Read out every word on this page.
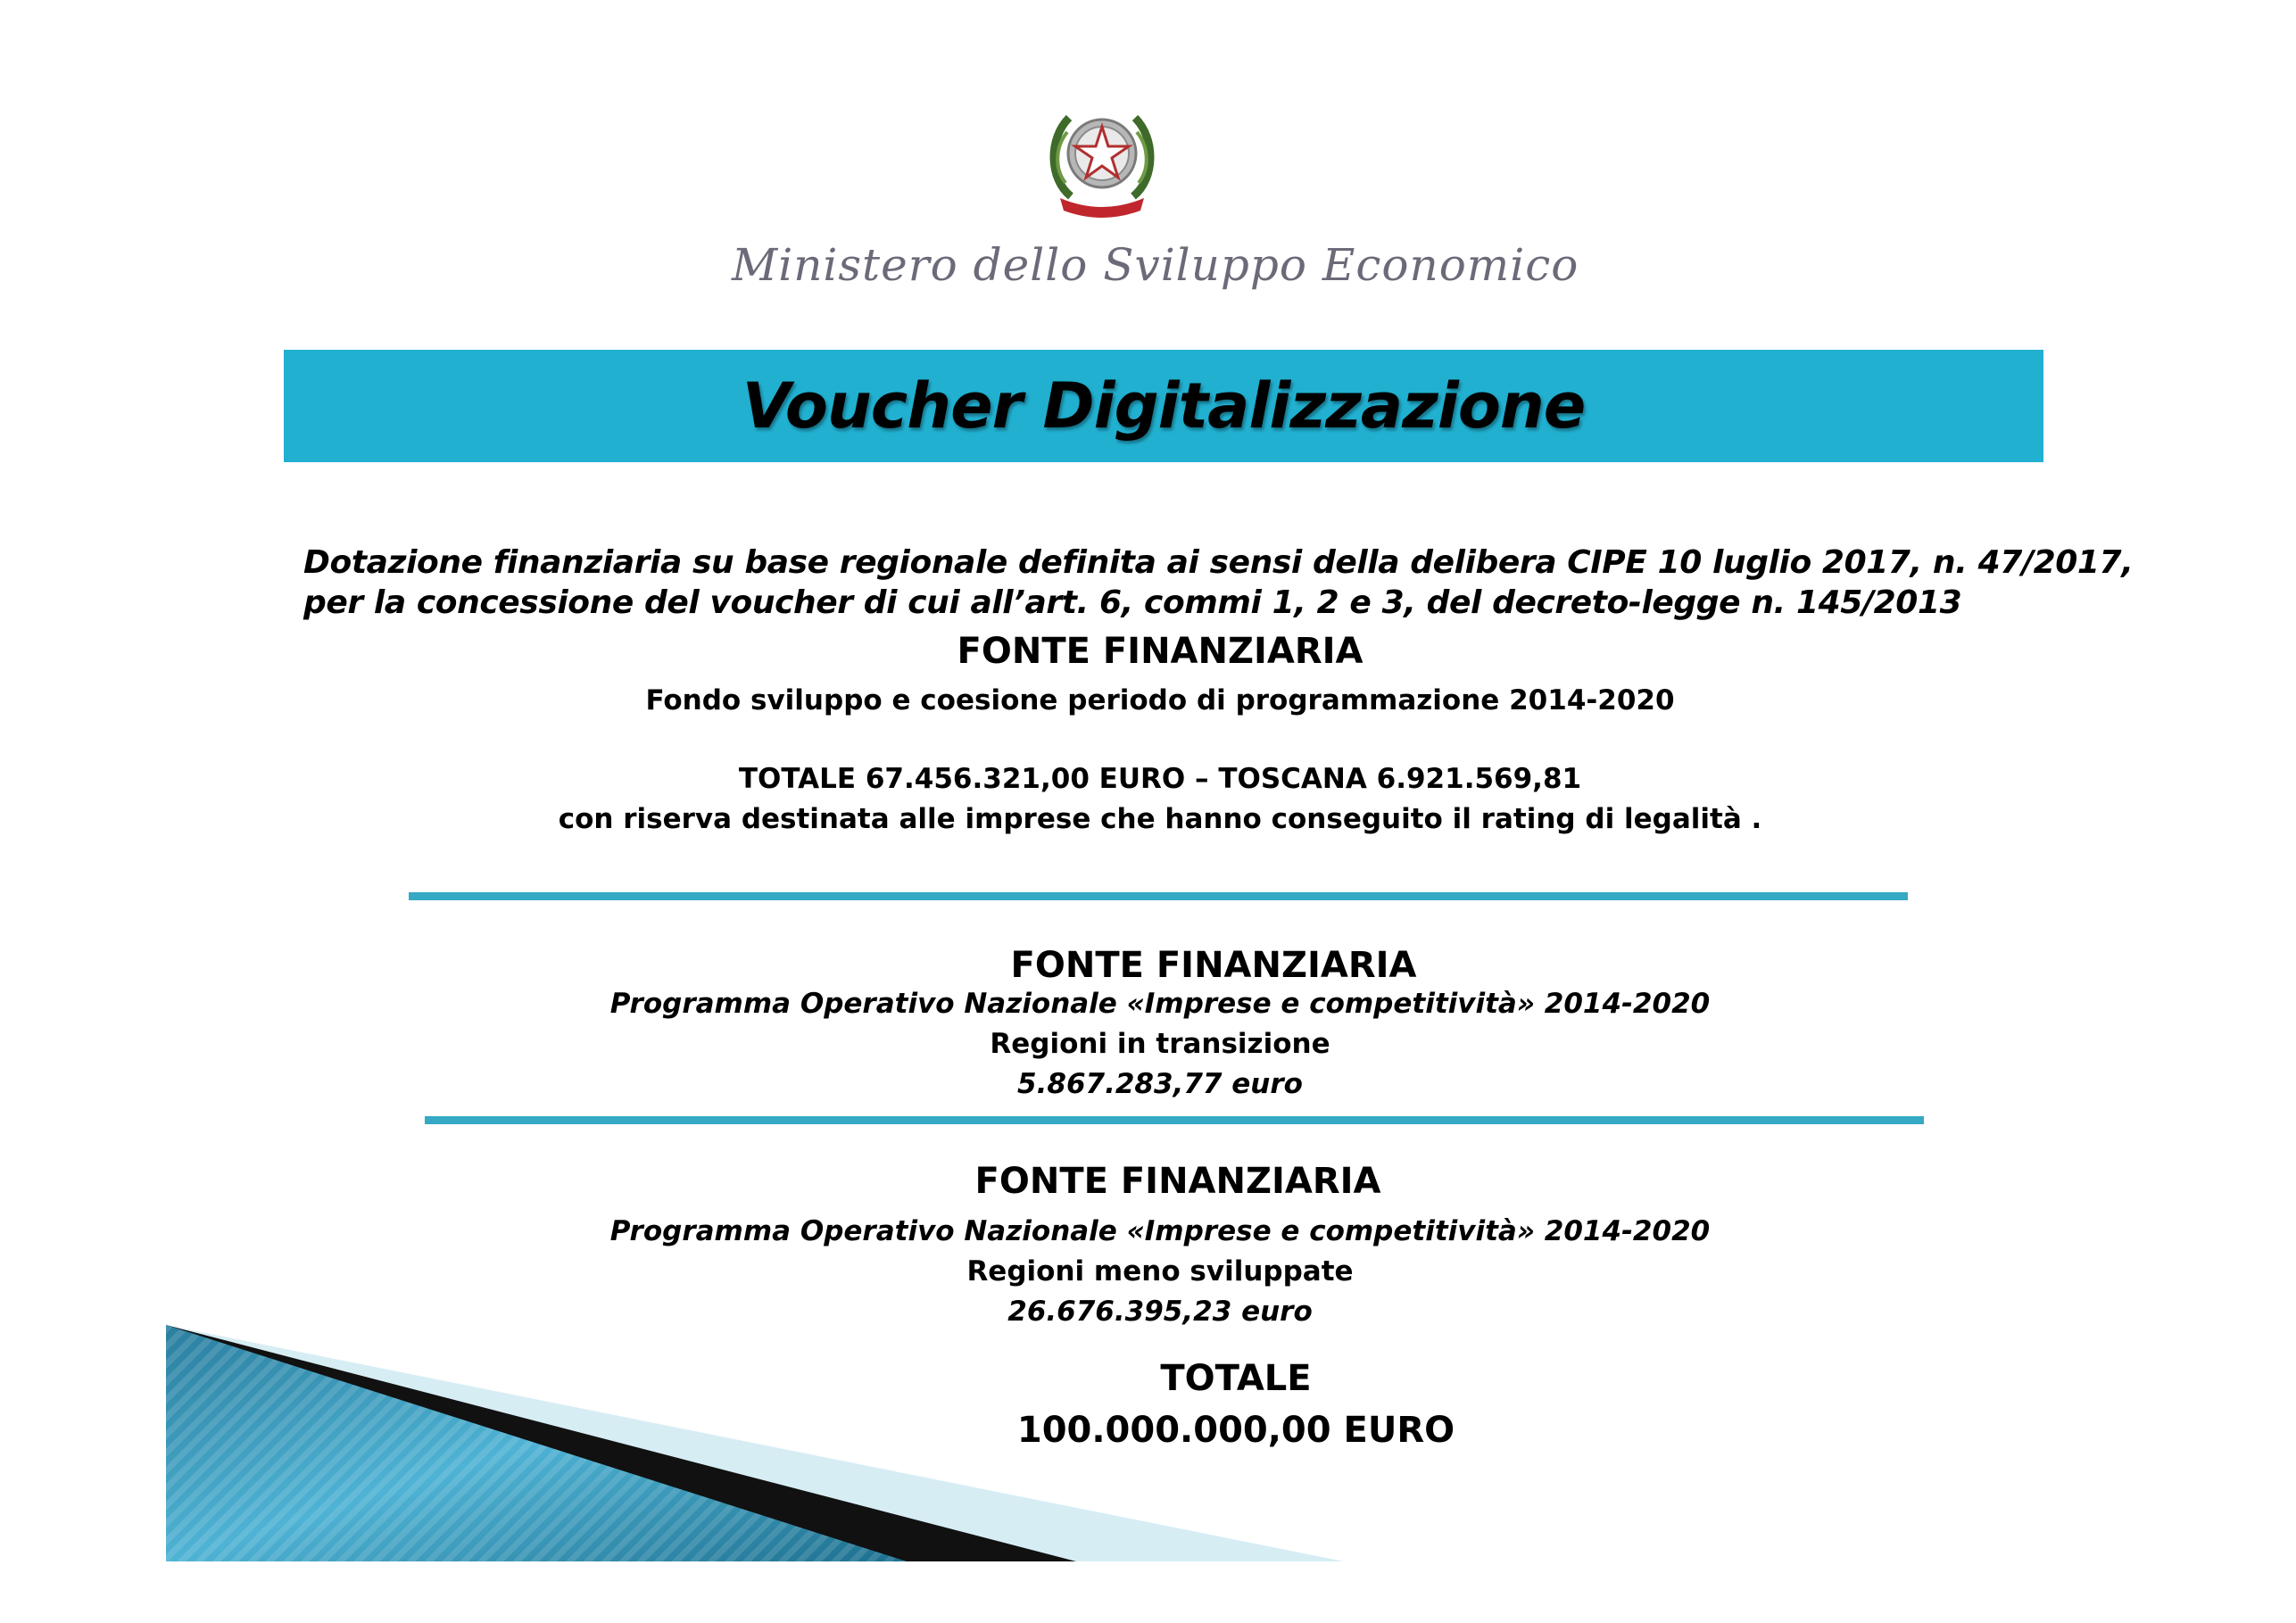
Ministero dello Sviluppo Economico
Voucher Digitalizzazione
Dotazione finanziaria su base regionale definita ai sensi della delibera CIPE 10 luglio 2017, n. 47/2017,
per la concessione del voucher di cui all’art. 6, commi 1, 2 e 3, del decreto-legge n. 145/2013
FONTE FINANZIARIA
Fondo sviluppo e coesione periodo di programmazione 2014-2020
TOTALE 67.456.321,00 EURO – TOSCANA 6.921.569,81
con riserva destinata alle imprese che hanno conseguito il rating di legalità .
FONTE FINANZIARIA
Programma Operativo Nazionale «Imprese e competitività» 2014-2020
Regioni in transizione
5.867.283,77 euro
FONTE FINANZIARIA
Programma Operativo Nazionale «Imprese e competitività» 2014-2020
Regioni meno sviluppate
26.676.395,23 euro
TOTALE
100.000.000,00 EURO
